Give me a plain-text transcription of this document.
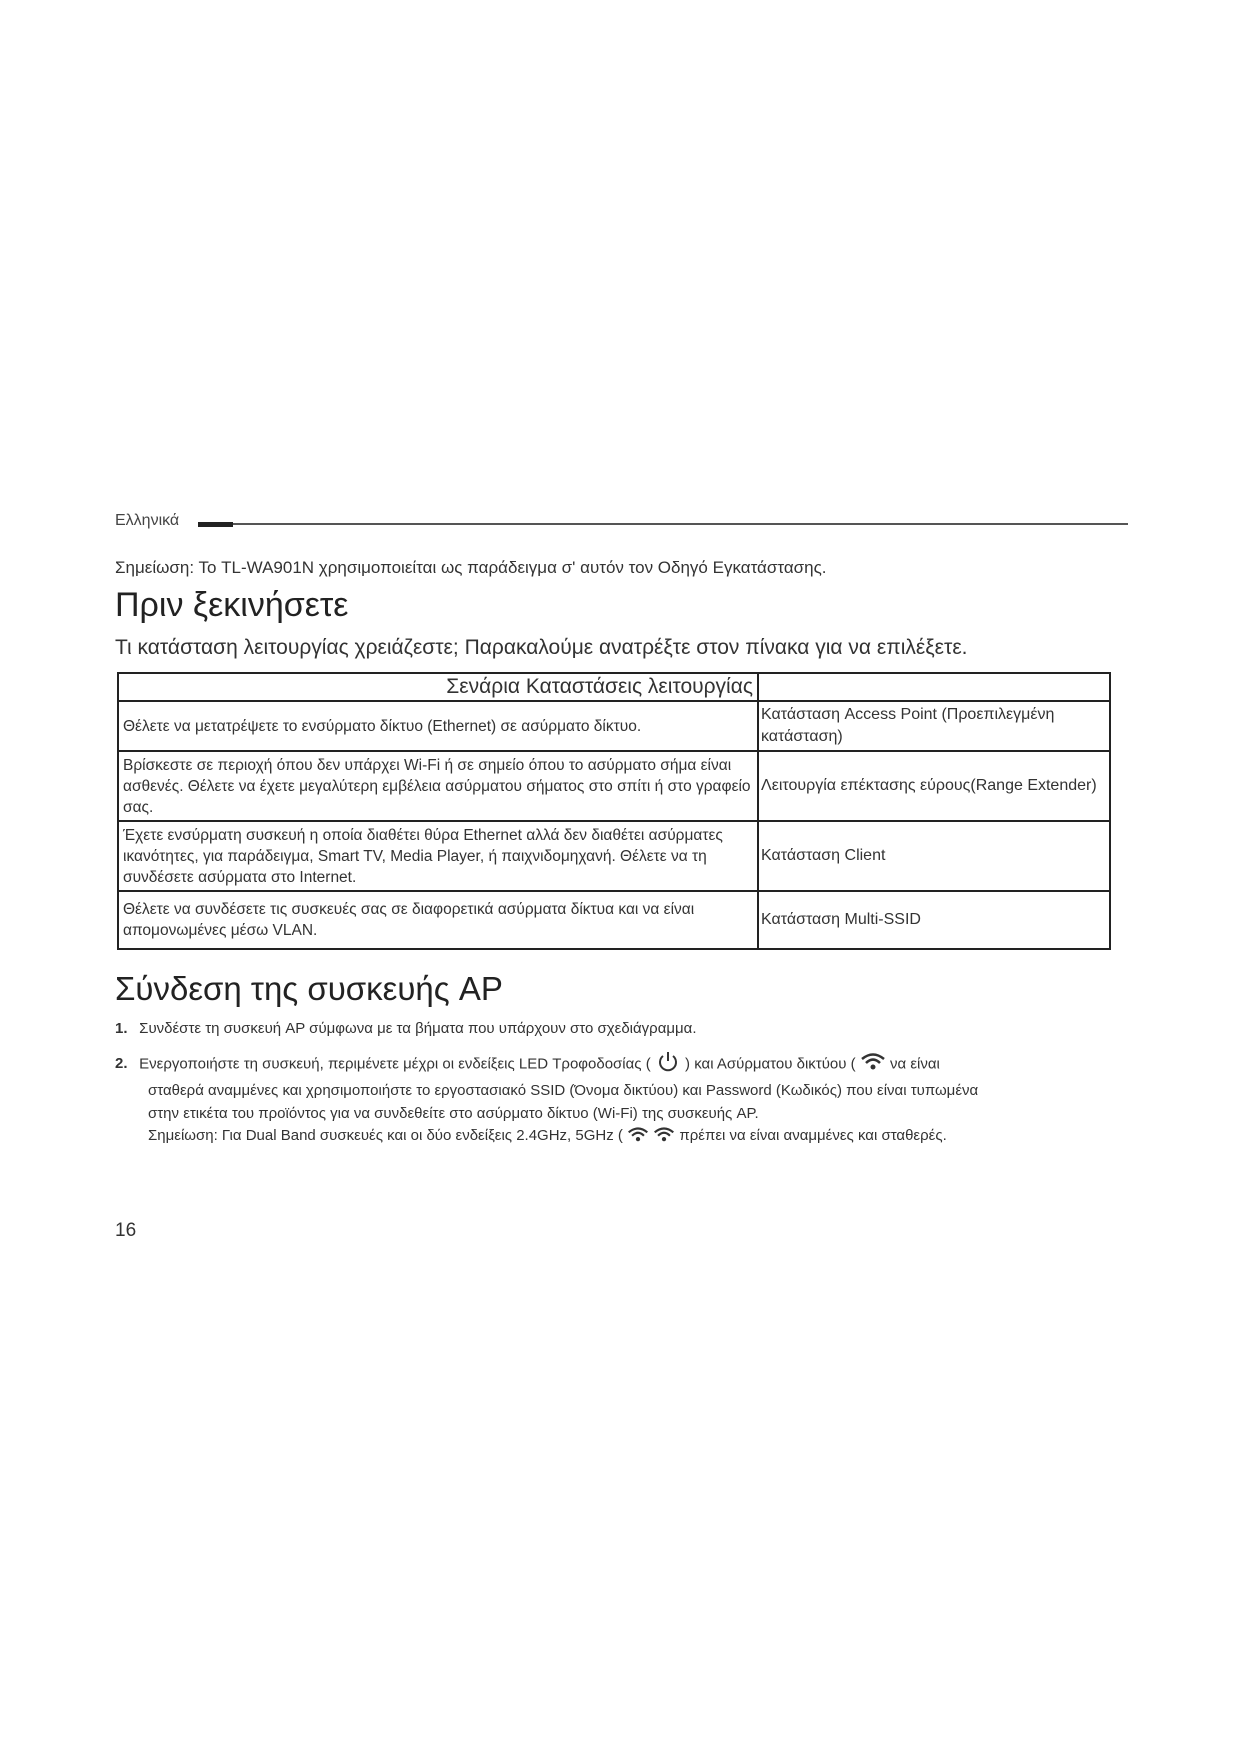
Ελληνικά
Σημείωση: Το TL-WA901N χρησιμοποιείται ως παράδειγμα σ' αυτόν τον Οδηγό Εγκατάστασης.
Πριν ξεκινήσετε
Τι κατάσταση λειτουργίας χρειάζεστε; Παρακαλούμε ανατρέξτε στον πίνακα για να επιλέξετε.
Σενάρια Καταστάσεις λειτουργίας	
Θέλετε να μετατρέψετε το ενσύρματο δίκτυο (Ethernet) σε ασύρματο δίκτυο.	Κατάσταση Access Point (Προεπιλεγμένη κατάσταση)
Βρίσκεστε σε περιοχή όπου δεν υπάρχει Wi-Fi ή σε σημείο όπου το ασύρματο σήμα είναι ασθενές. Θέλετε να έχετε μεγαλύτερη εμβέλεια ασύρματου σήματος στο σπίτι ή στο γραφείο σας.	Λειτουργία επέκτασης εύρους(Range Extender)
Έχετε ενσύρματη συσκευή η οποία διαθέτει θύρα Ethernet αλλά δεν διαθέτει ασύρματες ικανότητες, για παράδειγμα, Smart TV, Media Player, ή παιχνιδομηχανή. Θέλετε να τη συνδέσετε ασύρματα στο Internet.	Κατάσταση Client
Θέλετε να συνδέσετε τις συσκευές σας σε διαφορετικά ασύρματα δίκτυα και να είναι απομονωμένες μέσω VLAN.	Κατάσταση Multi-SSID
Σύνδεση της συσκευής AP
1. Συνδέστε τη συσκευή AP σύμφωνα με τα βήματα που υπάρχουν στο σχεδιάγραμμα.
2. Ενεργοποιήστε τη συσκευή, περιμένετε μέχρι οι ενδείξεις LED Τροφοδοσίας ( ) και Ασύρματου δικτύου ( να είναι
σταθερά αναμμένες και χρησιμοποιήστε το εργοστασιακό SSID (Όνομα δικτύου) και Password (Κωδικός) που είναι τυπωμένα
στην ετικέτα του προϊόντος για να συνδεθείτε στο ασύρματο δίκτυο (Wi-Fi) της συσκευής AP.
Σημείωση: Για Dual Band συσκευές και οι δύο ενδείξεις 2.4GHz, 5GHz (	πρέπει να είναι αναμμένες και σταθερές.
16
